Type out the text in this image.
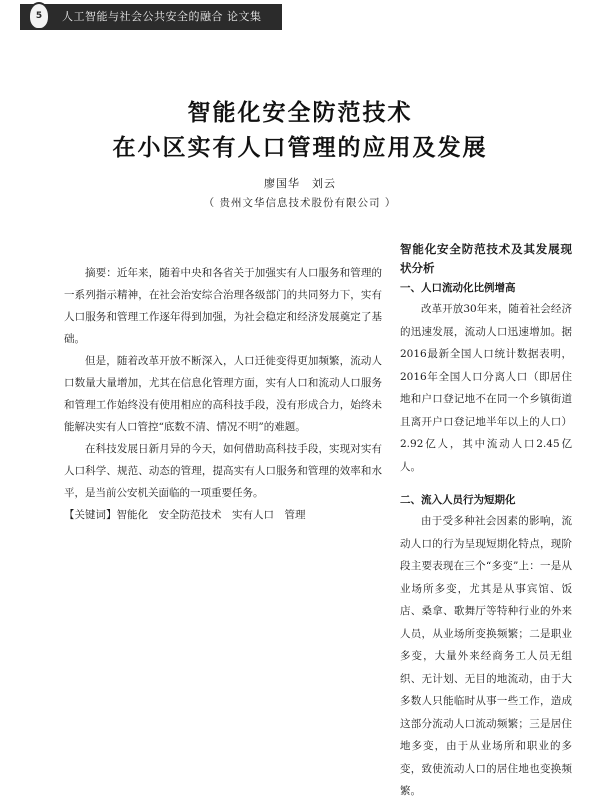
5	人工智能与社会公共安全的融合 论文集
智能化安全防范技术
在小区实有人口管理的应用及发展
廖国华　刘云
（ 贵州文华信息技术股份有限公司 ）

摘要：近年来，随着中央和各省关于加强实有人口服务和管理的一系列指示精神，在社会治安综合治理各级部门的共同努力下，实有人口服务和管理工作逐年得到加强，为社会稳定和经济发展奠定了基础。

但是，随着改革开放不断深入，人口迁徙变得更加频繁，流动人口数量大量增加，尤其在信息化管理方面，实有人口和流动人口服务和管理工作始终没有使用相应的高科技手段，没有形成合力，始终未能解决实有人口管控“底数不清、情况不明”的难题。

在科技发展日新月异的今天，如何借助高科技手段，实现对实有人口科学、规范、动态的管理，提高实有人口服务和管理的效率和水平，是当前公安机关面临的一项重要任务。

【关键词】智能化　安全防范技术　实有人口　管理

智能化安全防范技术及其发展现状分析

一、人口流动化比例增高

改革开放30年来，随着社会经济的迅速发展，流动人口迅速增加。据2016最新全国人口统计数据表明，2016年全国人口分离人口（即居住地和户口登记地不在同一个乡镇街道且离开户口登记地半年以上的人口）2.92亿人，其中流动人口2.45亿人。

二、流入人员行为短期化

由于受多种社会因素的影响，流动人口的行为呈现短期化特点，现阶段主要表现在三个“多变”上：一是从业场所多变，尤其是从事宾馆、饭店、桑拿、歌舞厅等特种行业的外来人员，从业场所变换频繁；二是职业多变，大量外来经商务工人员无组织、无计划、无目的地流动，由于大多数人只能临时从事一些工作，造成这部分流动人口流动频繁；三是居住地多变，由于从业场所和职业的多变，致使流动人口的居住地也变换频繁。
